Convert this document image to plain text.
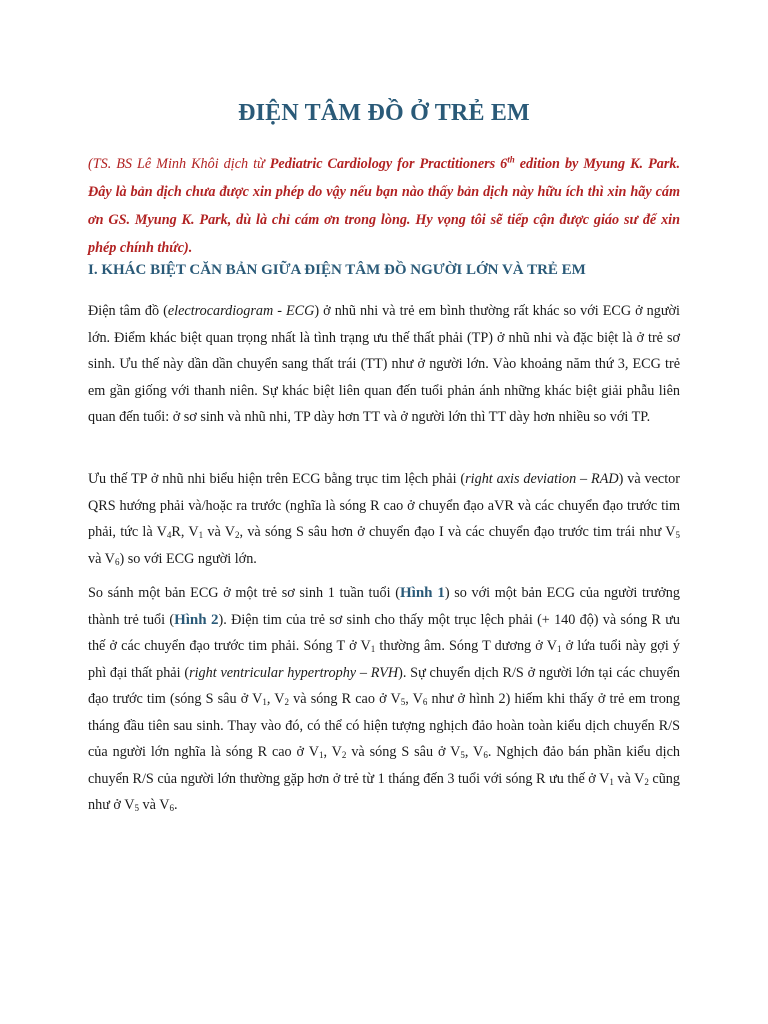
ĐIỆN TÂM ĐỒ Ở TRẺ EM
(TS. BS Lê Minh Khôi dịch từ Pediatric Cardiology for Practitioners 6th edition by Myung K. Park. Đây là bản dịch chưa được xin phép do vậy nếu bạn nào thấy bản dịch này hữu ích thì xin hãy cám ơn GS. Myung K. Park, dù là chỉ cám ơn trong lòng. Hy vọng tôi sẽ tiếp cận được giáo sư để xin phép chính thức).
I. KHÁC BIỆT CĂN BẢN GIỮA ĐIỆN TÂM ĐỒ NGƯỜI LỚN VÀ TRẺ EM
Điện tâm đồ (electrocardiogram - ECG) ở nhũ nhi và trẻ em bình thường rất khác so với ECG ở người lớn. Điểm khác biệt quan trọng nhất là tình trạng ưu thế thất phải (TP) ở nhũ nhi và đặc biệt là ở trẻ sơ sinh. Ưu thế này dần dần chuyển sang thất trái (TT) như ở người lớn. Vào khoảng năm thứ 3, ECG trẻ em gần giống với thanh niên. Sự khác biệt liên quan đến tuổi phản ánh những khác biệt giải phẫu liên quan đến tuổi: ở sơ sinh và nhũ nhi, TP dày hơn TT và ở người lớn thì TT dày hơn nhiều so với TP.
Ưu thế TP ở nhũ nhi biểu hiện trên ECG bằng trục tim lệch phải (right axis deviation – RAD) và vector QRS hướng phải và/hoặc ra trước (nghĩa là sóng R cao ở chuyển đạo aVR và các chuyển đạo trước tim phải, tức là $V_4R$, $V_1$ và $V_2$, và sóng S sâu hơn ở chuyển đạo I và các chuyển đạo trước tim trái như $V_5$ và $V_6$) so với ECG người lớn.
So sánh một bản ECG ở một trẻ sơ sinh 1 tuần tuổi (Hình 1) so với một bản ECG của người trưởng thành trẻ tuổi (Hình 2). Điện tim của trẻ sơ sinh cho thấy một trục lệch phải (+ 140 độ) và sóng R ưu thế ở các chuyển đạo trước tim phải. Sóng T ở $V_1$ thường âm. Sóng T dương ở $V_1$ ở lứa tuổi này gợi ý phì đại thất phải (right ventricular hypertrophy – RVH). Sự chuyển dịch R/S ở người lớn tại các chuyển đạo trước tim (sóng S sâu ở $V_1$, $V_2$ và sóng R cao ở $V_5$, $V_6$ như ở hình 2) hiếm khi thấy ở trẻ em trong tháng đầu tiên sau sinh. Thay vào đó, có thể có hiện tượng nghịch đảo hoàn toàn kiểu dịch chuyển R/S của người lớn nghĩa là sóng R cao ở $V_1$, $V_2$ và sóng S sâu ở $V_5$, $V_6$. Nghịch đảo bán phần kiểu dịch chuyển R/S của người lớn thường gặp hơn ở trẻ từ 1 tháng đến 3 tuổi với sóng R ưu thế ở $V_1$ và $V_2$ cũng như ở $V_5$ và $V_6$.
